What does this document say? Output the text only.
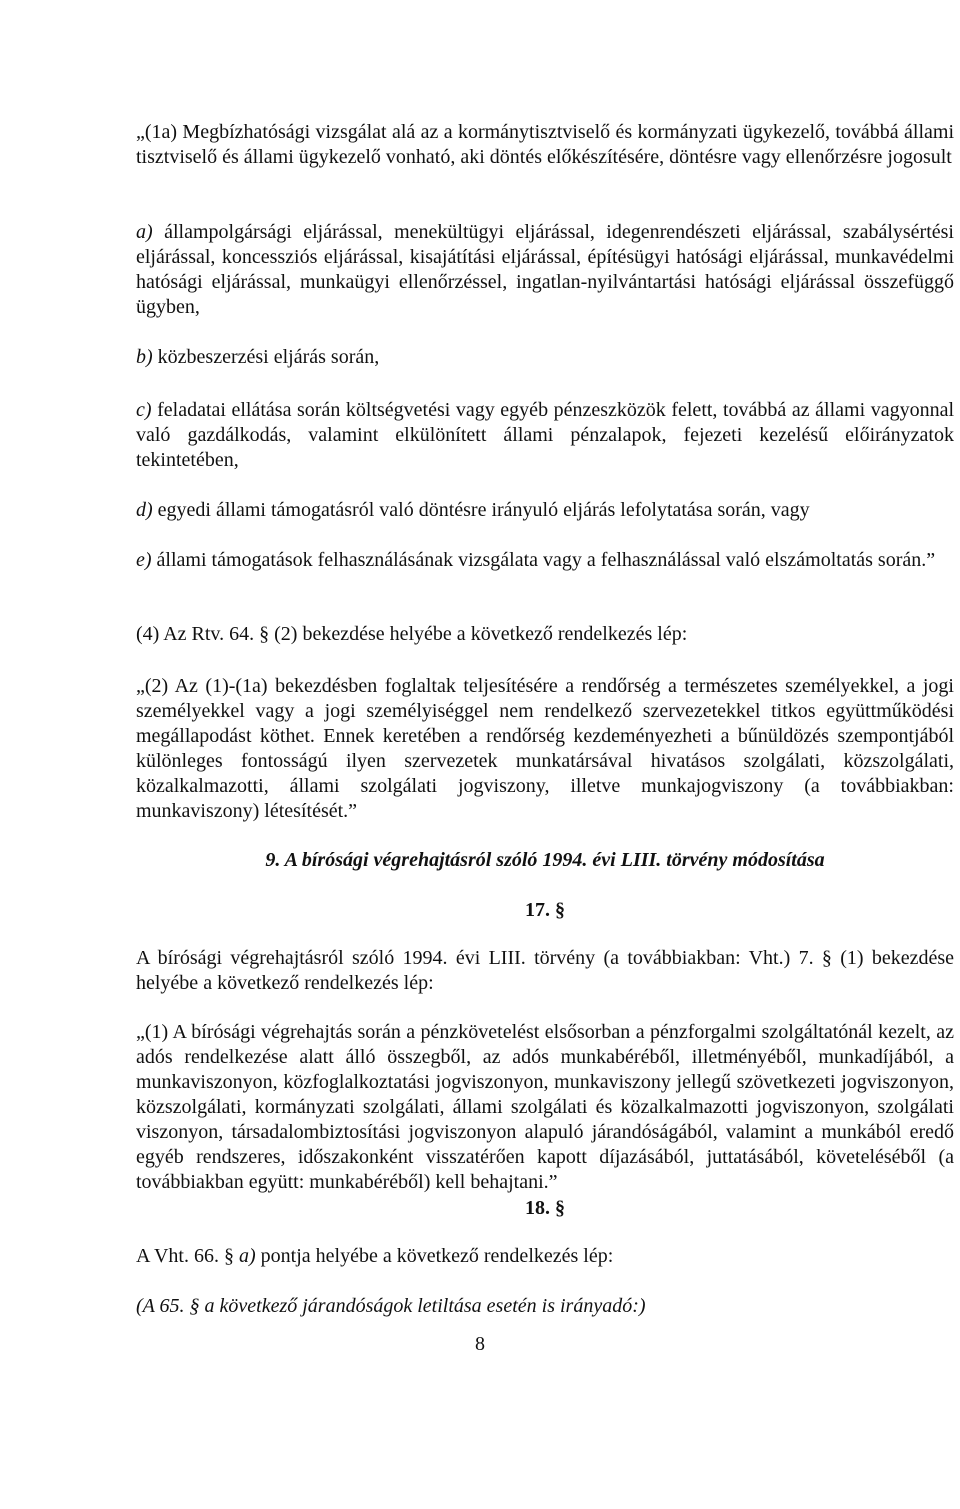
„(1a) Megbízhatósági vizsgálat alá az a kormánytisztviselő és kormányzati ügykezelő, továbbá állami tisztviselő és állami ügykezelő vonható, aki döntés előkészítésére, döntésre vagy ellenőrzésre jogosult

a) állampolgársági eljárással, menekültügyi eljárással, idegenrendészeti eljárással, szabálysértési eljárással, koncessziós eljárással, kisajátítási eljárással, építésügyi hatósági eljárással, munkavédelmi hatósági eljárással, munkaügyi ellenőrzéssel, ingatlan-nyilvántartási hatósági eljárással összefüggő ügyben,

b) közbeszerzési eljárás során,

c) feladatai ellátása során költségvetési vagy egyéb pénzeszközök felett, továbbá az állami vagyonnal való gazdálkodás, valamint elkülönített állami pénzalapok, fejezeti kezelésű előirányzatok tekintetében,

d) egyedi állami támogatásról való döntésre irányuló eljárás lefolytatása során, vagy

e) állami támogatások felhasználásának vizsgálata vagy a felhasználással való elszámoltatás során.”

(4) Az Rtv. 64. § (2) bekezdése helyébe a következő rendelkezés lép:

„(2) Az (1)-(1a) bekezdésben foglaltak teljesítésére a rendőrség a természetes személyekkel, a jogi személyekkel vagy a jogi személyiséggel nem rendelkező szervezetekkel titkos együttműködési megállapodást köthet. Ennek keretében a rendőrség kezdeményezheti a bűnüldözés szempontjából különleges fontosságú ilyen szervezetek munkatársával hivatásos szolgálati, közszolgálati, közalkalmazotti, állami szolgálati jogviszony, illetve munkajogviszony (a továbbiakban: munkaviszony) létesítését.”

9. A bírósági végrehajtásról szóló 1994. évi LIII. törvény módosítása

17. §

A bírósági végrehajtásról szóló 1994. évi LIII. törvény (a továbbiakban: Vht.) 7. § (1) bekezdése helyébe a következő rendelkezés lép:

„(1) A bírósági végrehajtás során a pénzkövetelést elsősorban a pénzforgalmi szolgáltatónál kezelt, az adós rendelkezése alatt álló összegből, az adós munkabéréből, illetményéből, munkadíjából, a munkaviszonyon, közfoglalkoztatási jogviszonyon, munkaviszony jellegű szövetkezeti jogviszonyon, közszolgálati, kormányzati szolgálati, állami szolgálati és közalkalmazotti jogviszonyon, szolgálati viszonyon, társadalombiztosítási jogviszonyon alapuló járandóságából, valamint a munkából eredő egyéb rendszeres, időszakonként visszatérően kapott díjazásából, juttatásából, követeléséből (a továbbiakban együtt: munkabéréből) kell behajtani.”

18. §

A Vht. 66. § a) pontja helyébe a következő rendelkezés lép:

(A 65. § a következő járandóságok letiltása esetén is irányadó:)

8
